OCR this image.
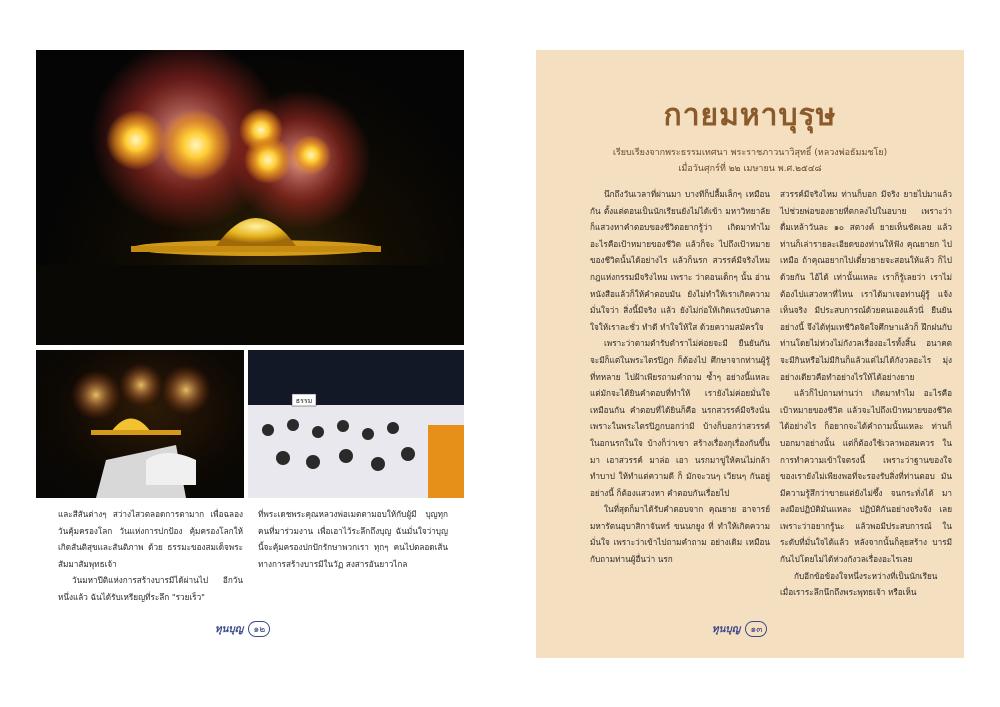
ธรรม

และสีสันต่างๆ สว่างไสวตลอดการตามาก เพื่อฉลองวันคุ้มครองโลก วันแห่งการปกป้อง คุ้มครองโลกให้เกิดสันติสุขและสันติภาพ ด้วย ธรรมะของสมเด็จพระสัมมาสัมพุทธเจ้า

วันมหาปีติแห่งการสร้างบารมีได้ผ่านไป อีกวันหนึ่งแล้ว ฉันได้รับเหรียญที่ระลึก "รวยเร็ว"

ที่พระเดชพระคุณหลวงพ่อเมตตามอบให้กับผู้มี บุญทุกคนที่มาร่วมงาน เพื่อเอาไว้ระลึกถึงบุญ ฉันมั่นใจว่าบุญนี้จะคุ้มครองปกปักรักษาพวกเรา ทุกๆ คนไปตลอดเส้นทางการสร้างบารมีในวัฏ สงสารอันยาวไกล

ทุนบุญ ๑๒
กายมหาบุรุษ
เรียบเรียงจากพระธรรมเทศนา พระราชภาวนาวิสุทธิ์ (หลวงพ่อธัมมชโย)
เมื่อวันศุกร์ที่ ๒๒ เมษายน พ.ศ.๒๕๔๘

นึกถึงวันเวลาที่ผ่านมา บางทีก็ปลื้มเล็กๆ เหมือนกัน ตั้งแต่ตอนเป็นนักเรียนยังไม่ได้เข้า มหาวิทยาลัยก็แสวงหาคำตอบของชีวิตอยากรู้ว่า เกิดมาทำไมอะไรคือเป้าหมายของชีวิต แล้วก็จะ ไปถึงเป้าหมายของชีวิตนั้นได้อย่างไร แล้วก็นรก สวรรค์มีจริงไหม กฎแห่งกรรมมีจริงไหม เพราะ ว่าตอนเด็กๆ นั้น อ่านหนังสือแล้วก็ให้คำตอบมัน ยังไม่ทำให้เราเกิดความมั่นใจว่า สิ่งนี้มีจริง แล้ว ยังไม่ก่อให้เกิดแรงบันดาลใจให้เราละชั่ว ทำดี ทำใจให้ใส ด้วยความสมัครใจ

เพราะว่าตามตำรับตำราไม่ค่อยจะมี ยืนยันกัน จะมีก็แต่ในพระไตรปิฎก ก็ต้องไป ศึกษาจากท่านผู้รู้ที่ทหลาย ไปฝ้าเพียรถามคำถาม ซ้ำๆ อย่างนี้แหละ แต่มักจะได้ยินคำตอบที่ทำให้ เรายังไม่ค่อยมั่นใจเหมือนกัน คำตอบที่ได้ยินก็คือ นรกสวรรค์มีจริงนั่นเพราะในพระไตรปิฎกบอกว่ามี บ้างก็บอกว่าสวรรค์ในอกนรกในใจ บ้างก็ว่าเขา สร้างเรื่องกุเรื่องกันขึ้นมา เอาสวรรค์ มาล่อ เอา นรกมาขู่ให้คนไม่กล้าทำบาป ให้ทำแต่ความดี ก็ มักจะวนๆ เวียนๆ กันอยู่อย่างนี้ ก็ต้องแสวงหา คำตอบกันเรื่อยไป

ในที่สุดก็มาได้รับคำตอบจาก คุณยาย อาจารย์มหารัตนอุบาสิกาจันทร์ ขนนกยูง ที่ ทำให้เกิดความมั่นใจ เพราะว่าเข้าไปถามคำถาม อย่างเดิม เหมือนกับถามท่านผู้อื่นว่า นรก

สวรรค์มีจริงไหม ท่านก็บอก มีจริง ยายไปมาแล้ว ไปช่วยพ่อของยายที่ตกลงไปในอบาย เพราะว่า ดื่มเหล้าวันละ ๑๐ สตางค์ ยายเห็นชัดเลย แล้ว ท่านก็เล่ารายละเอียดของท่านให้ฟัง คุณยายก ไปเหมือ ถ้าคุณอยากไปเดี๋ยวยายจะสอนให้แล้ว ก็ไปด้วยกัน ไอ้ได้ เท่านั้นแหละ เราก็รู้เลยว่า เราไม่ต้องไปแสวงหาที่ไหน เราได้มาเจอท่านผู้รู้ แจ้งเห็นจริง มีประสบการณ์ด้วยตนเองแล้วนี่ ยืนยันอย่างนี้ จึงได้ทุ่มเทชีวิตจิตใจศึกษาแล้วก็ ฝึกฝนกับท่านโดยไม่ห่วงไม่กังวลเรื่องอะไรทั้งสิ้น อนาคตจะมีกินหรือไม่มีกินก็แล้วแต่ไม่ได้กังวลอะไร มุ่งอย่างเดียวคือทำอย่างไรให้ได้อย่างยาย

แล้วก็ไปถามท่านว่า เกิดมาทำไม อะไรคือ เป้าหมายของชีวิต แล้วจะไปถึงเป้าหมายของชีวิต ได้อย่างไร ก็อยากจะได้คำถามนั้นแหละ ท่านก็บอกมาอย่างนั้น แต่ก็ต้องใช้เวลาพอสมควร ในการทำความเข้าใจตรงนี้ เพราะว่าฐานของใจ ของเรายังไม่เพียงพอที่จะรองรับสิ่งที่ท่านตอบ มันมีความรู้สึกว่าขายแต่ยังไม่ซึ้ง จนกระทั่งได้ มาลงมือปฏิบัติมันแหละ ปฏิบัติกันอย่างจริงจัง เลยเพราะว่าอยากรู้นะ แล้วพอมีประสบการณ์ ในระดับที่มั่นใจได้แล้ว หลังจากนั้นก็ลุยสร้าง บารมีกันไปโดยไม่ได้ห่วงกังวลเรื่องอะไรเลย

กับอีกข้อข้องใจหนึ่งระหว่างที่เป็นนักเรียน เมื่อเราระลึกนึกถึงพระพุทธเจ้า หรือเห็น

ทุนบุญ ๑๓
